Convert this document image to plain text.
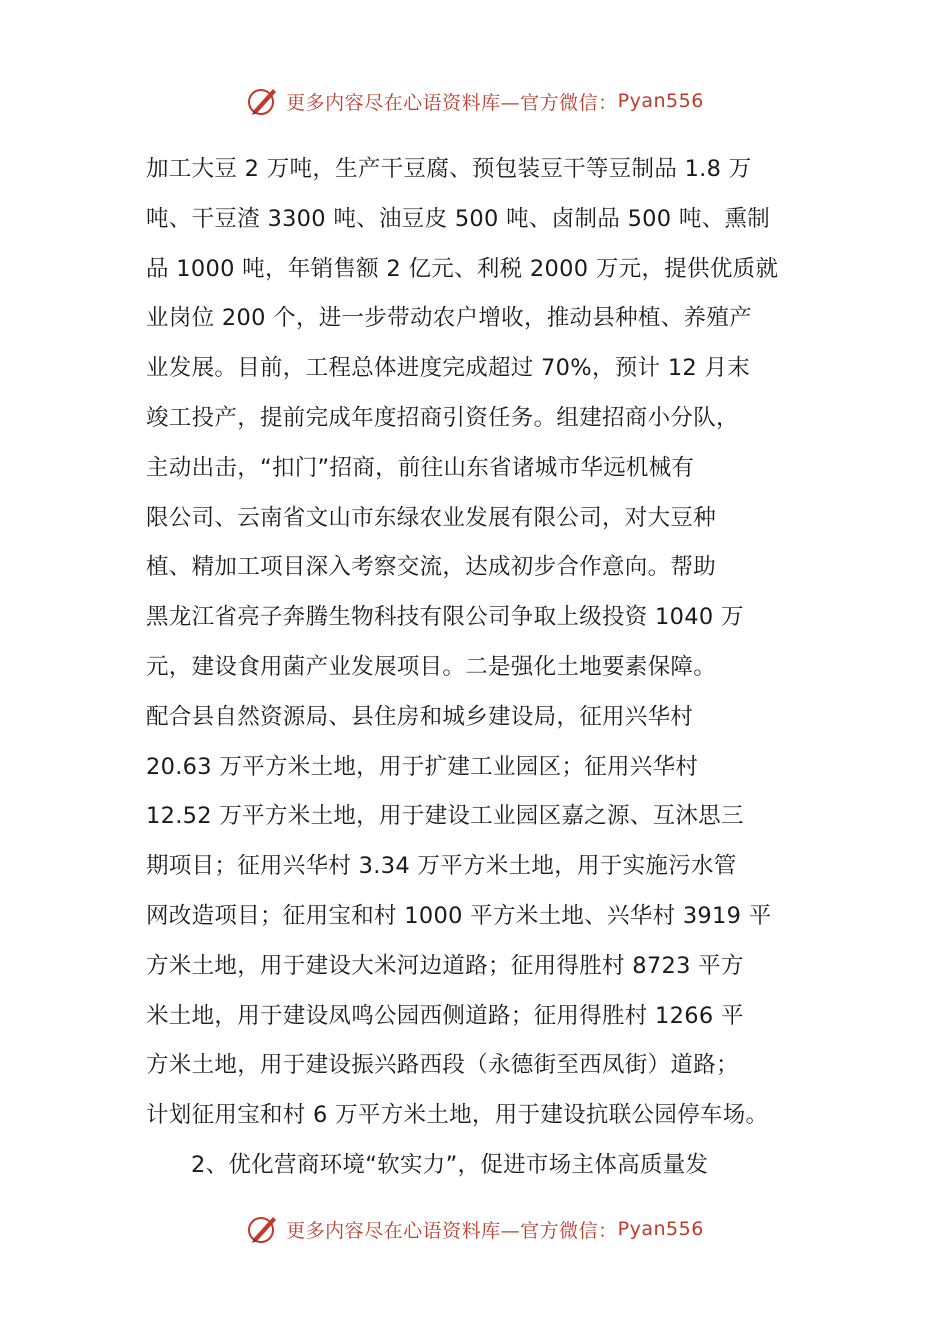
更多内容尽在心语资料库—官方微信： Pyan556
加工大豆 2 万吨，生产干豆腐、预包装豆干等豆制品 1.8 万
吨、干豆渣 3300 吨、油豆皮 500 吨、卤制品 500 吨、熏制
品 1000 吨，年销售额 2 亿元、利税 2000 万元，提供优质就
业岗位 200 个，进一步带动农户增收，推动县种植、养殖产
业发展。目前，工程总体进度完成超过 70%，预计 12 月末
竣工投产，提前完成年度招商引资任务。组建招商小分队，
主动出击，“扣门”招商，前往山东省诸城市华远机械有
限公司、云南省文山市东绿农业发展有限公司，对大豆种
植、精加工项目深入考察交流，达成初步合作意向。帮助
黑龙江省亮子奔腾生物科技有限公司争取上级投资 1040 万
元，建设食用菌产业发展项目。二是强化土地要素保障。
配合县自然资源局、县住房和城乡建设局，征用兴华村
20.63 万平方米土地，用于扩建工业园区；征用兴华村
12.52 万平方米土地，用于建设工业园区嘉之源、互沐思三
期项目；征用兴华村 3.34 万平方米土地，用于实施污水管
网改造项目；征用宝和村 1000 平方米土地、兴华村 3919 平
方米土地，用于建设大米河边道路；征用得胜村 8723 平方
米土地，用于建设凤鸣公园西侧道路；征用得胜村 1266 平
方米土地，用于建设振兴路西段（永德街至西凤街）道路；
计划征用宝和村 6 万平方米土地，用于建设抗联公园停车场。
2、优化营商环境“软实力”，促进市场主体高质量发
更多内容尽在心语资料库—官方微信： Pyan556
